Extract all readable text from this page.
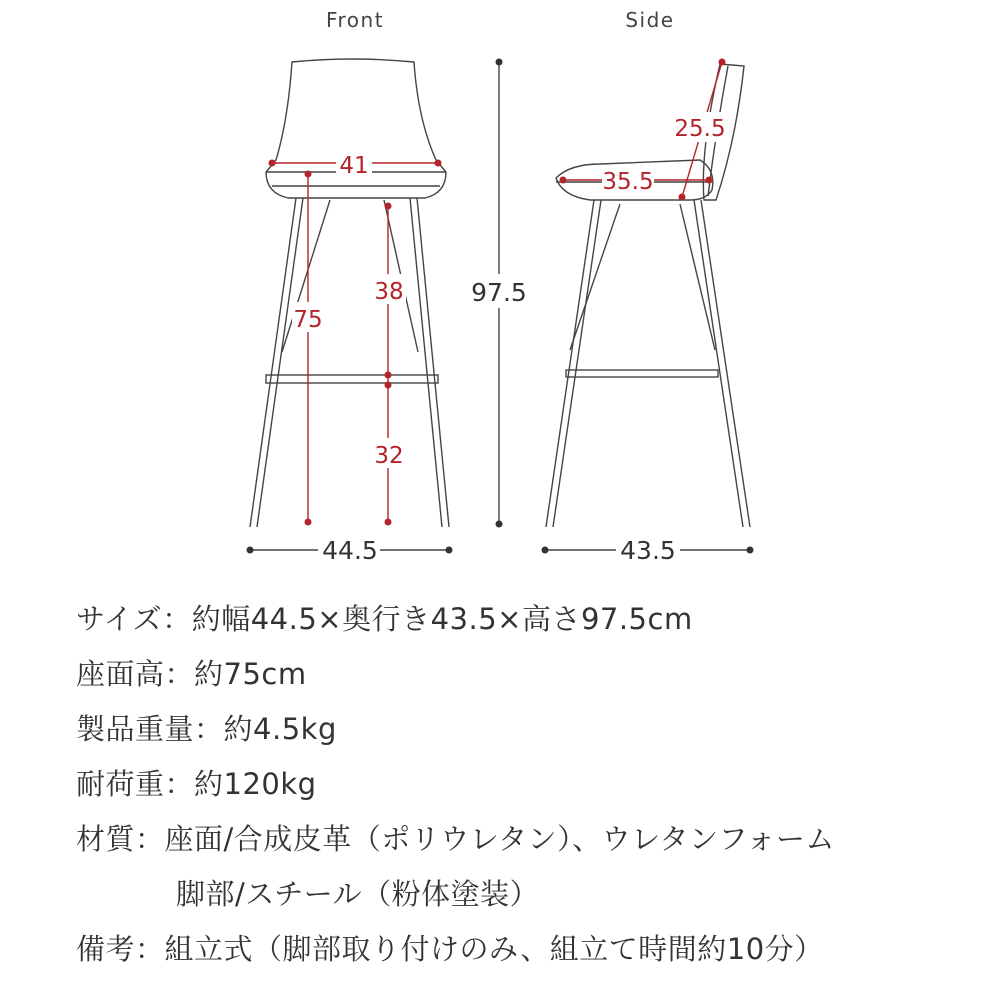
Front	Side
41
75
38
32
97.5
44.5
25.5
35.5
43.5
サイズ ： 約幅44.5×奥行き43.5×高さ97.5cm
座面高 ： 約75cm
製品重量 ： 約4.5kg
耐荷重 ： 約120kg
材質 ： 座面/合成皮革（ポリウレタン）、ウレタンフォーム
脚部/スチール（粉体塗装）
備考 ： 組立式（脚部取り付けのみ、組立て時間約10分）
